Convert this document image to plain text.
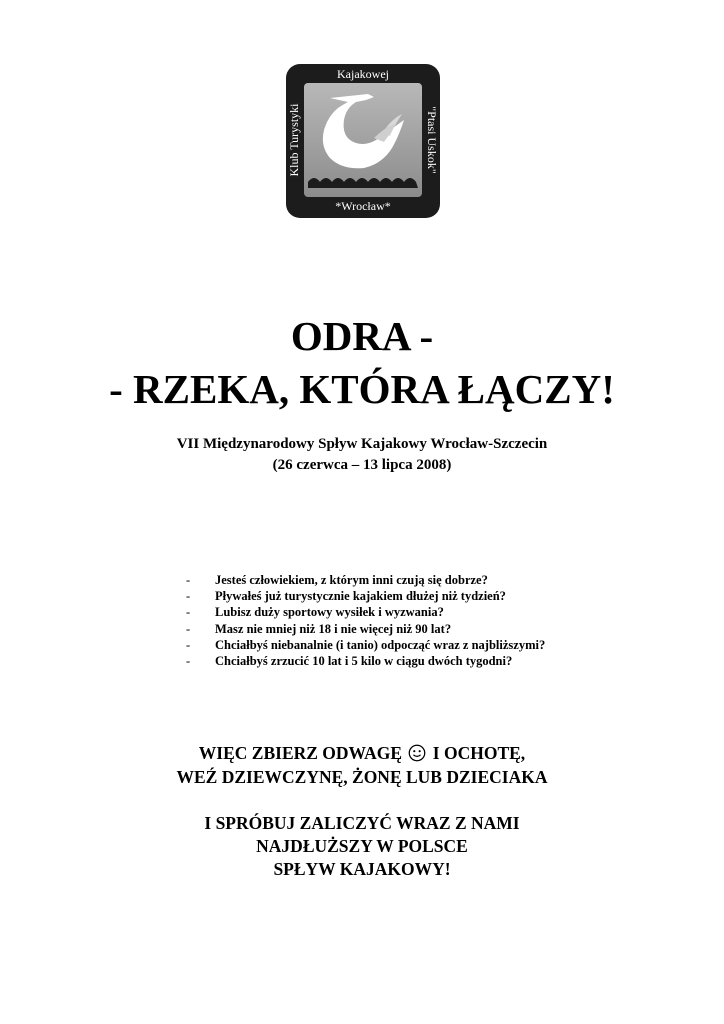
Kajakowej
*Wrocław*
Klub Turystyki	"Ptasi Uskok"
ODRA -
- RZEKA, KTÓRA ŁĄCZY!
VII Międzynarodowy Spływ Kajakowy Wrocław-Szczecin
(26 czerwca – 13 lipca 2008)
- Jesteś człowiekiem, z którym inni czują się dobrze?
- Pływałeś już turystycznie kajakiem dłużej niż tydzień?
- Lubisz duży sportowy wysiłek i wyzwania?
- Masz nie mniej niż 18 i nie więcej niż 90 lat?
- Chciałbyś niebanalnie (i tanio) odpocząć wraz z najbliższymi?
- Chciałbyś zrzucić 10 lat i 5 kilo w ciągu dwóch tygodni?
WIĘC ZBIERZ ODWAGĘ I OCHOTĘ,
WEŹ DZIEWCZYNĘ, ŻONĘ LUB DZIECIAKA
I SPRÓBUJ ZALICZYĆ WRAZ Z NAMI
NAJDŁUŻSZY W POLSCE
SPŁYW KAJAKOWY!
